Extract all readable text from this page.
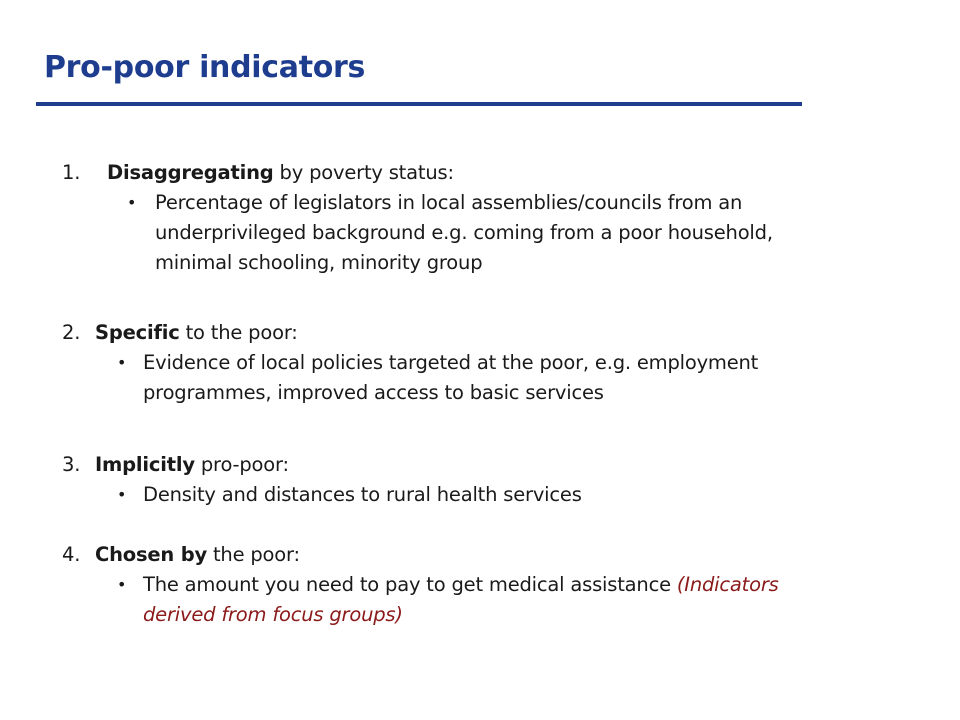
Pro-poor indicators
1. Disaggregating by poverty status:
• Percentage of legislators in local assemblies/councils from an
underprivileged background e.g. coming from a poor household,
minimal schooling, minority group
2. Specific to the poor:
• Evidence of local policies targeted at the poor, e.g. employment
programmes, improved access to basic services
3. Implicitly pro-poor:
• Density and distances to rural health services
4. Chosen by the poor:
• The amount you need to pay to get medical assistance (Indicators
derived from focus groups)
